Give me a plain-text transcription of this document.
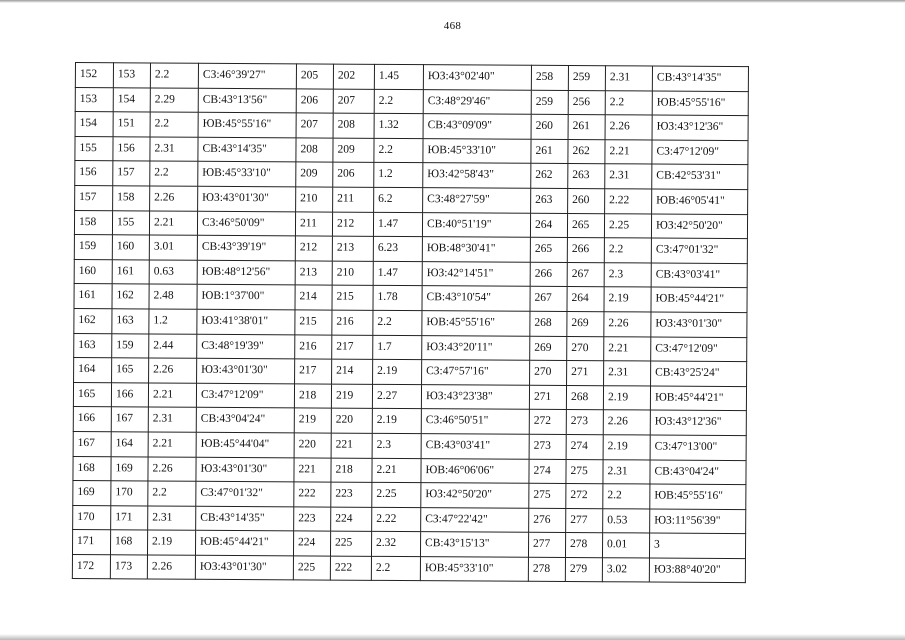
468
152	153	2.2	СЗ:46°39'27"	205	202	1.45	ЮЗ:43°02'40"	258	259	2.31	СВ:43°14'35"
153	154	2.29	СВ:43°13'56"	206	207	2.2	СЗ:48°29'46"	259	256	2.2	ЮВ:45°55'16"
154	151	2.2	ЮВ:45°55'16"	207	208	1.32	СВ:43°09'09"	260	261	2.26	ЮЗ:43°12'36"
155	156	2.31	СВ:43°14'35"	208	209	2.2	ЮВ:45°33'10"	261	262	2.21	СЗ:47°12'09"
156	157	2.2	ЮВ:45°33'10"	209	206	1.2	ЮЗ:42°58'43"	262	263	2.31	СВ:42°53'31"
157	158	2.26	ЮЗ:43°01'30"	210	211	6.2	СЗ:48°27'59"	263	260	2.22	ЮВ:46°05'41"
158	155	2.21	СЗ:46°50'09"	211	212	1.47	СВ:40°51'19"	264	265	2.25	ЮЗ:42°50'20"
159	160	3.01	СВ:43°39'19"	212	213	6.23	ЮВ:48°30'41"	265	266	2.2	СЗ:47°01'32"
160	161	0.63	ЮВ:48°12'56"	213	210	1.47	ЮЗ:42°14'51"	266	267	2.3	СВ:43°03'41"
161	162	2.48	ЮВ:1°37'00"	214	215	1.78	СВ:43°10'54"	267	264	2.19	ЮВ:45°44'21"
162	163	1.2	ЮЗ:41°38'01"	215	216	2.2	ЮВ:45°55'16"	268	269	2.26	ЮЗ:43°01'30"
163	159	2.44	СЗ:48°19'39"	216	217	1.7	ЮЗ:43°20'11"	269	270	2.21	СЗ:47°12'09"
164	165	2.26	ЮЗ:43°01'30"	217	214	2.19	СЗ:47°57'16"	270	271	2.31	СВ:43°25'24"
165	166	2.21	СЗ:47°12'09"	218	219	2.27	ЮЗ:43°23'38"	271	268	2.19	ЮВ:45°44'21"
166	167	2.31	СВ:43°04'24"	219	220	2.19	СЗ:46°50'51"	272	273	2.26	ЮЗ:43°12'36"
167	164	2.21	ЮВ:45°44'04"	220	221	2.3	СВ:43°03'41"	273	274	2.19	СЗ:47°13'00"
168	169	2.26	ЮЗ:43°01'30"	221	218	2.21	ЮВ:46°06'06"	274	275	2.31	СВ:43°04'24"
169	170	2.2	СЗ:47°01'32"	222	223	2.25	ЮЗ:42°50'20"	275	272	2.2	ЮВ:45°55'16"
170	171	2.31	СВ:43°14'35"	223	224	2.22	СЗ:47°22'42"	276	277	0.53	ЮЗ:11°56'39"
171	168	2.19	ЮВ:45°44'21"	224	225	2.32	СВ:43°15'13"	277	278	0.01	3
172	173	2.26	ЮЗ:43°01'30"	225	222	2.2	ЮВ:45°33'10"	278	279	3.02	ЮЗ:88°40'20"
